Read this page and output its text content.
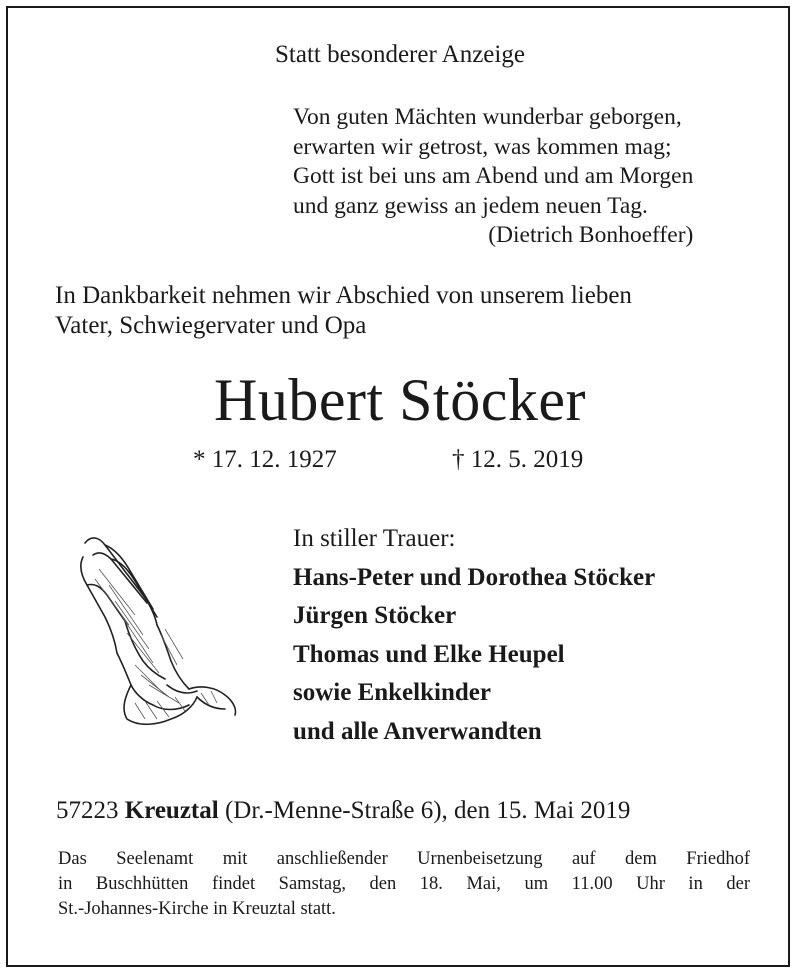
Statt besonderer Anzeige
Von guten Mächten wunderbar geborgen,
erwarten wir getrost, was kommen mag;
Gott ist bei uns am Abend und am Morgen
und ganz gewiss an jedem neuen Tag.
(Dietrich Bonhoeffer)
In Dankbarkeit nehmen wir Abschied von unserem lieben
Vater, Schwiegervater und Opa
Hubert Stöcker
* 17. 12. 1927	† 12. 5. 2019
In stiller Trauer:
Hans-Peter und Dorothea Stöcker
Jürgen Stöcker
Thomas und Elke Heupel
sowie Enkelkinder
und alle Anverwandten
57223 Kreuztal (Dr.-Menne-Straße 6), den 15. Mai 2019
Das Seelenamt mit anschließender Urnenbeisetzung auf dem Friedhof
in Buschhütten findet Samstag, den 18. Mai, um 11.00 Uhr in der
St.-Johannes-Kirche in Kreuztal statt.
